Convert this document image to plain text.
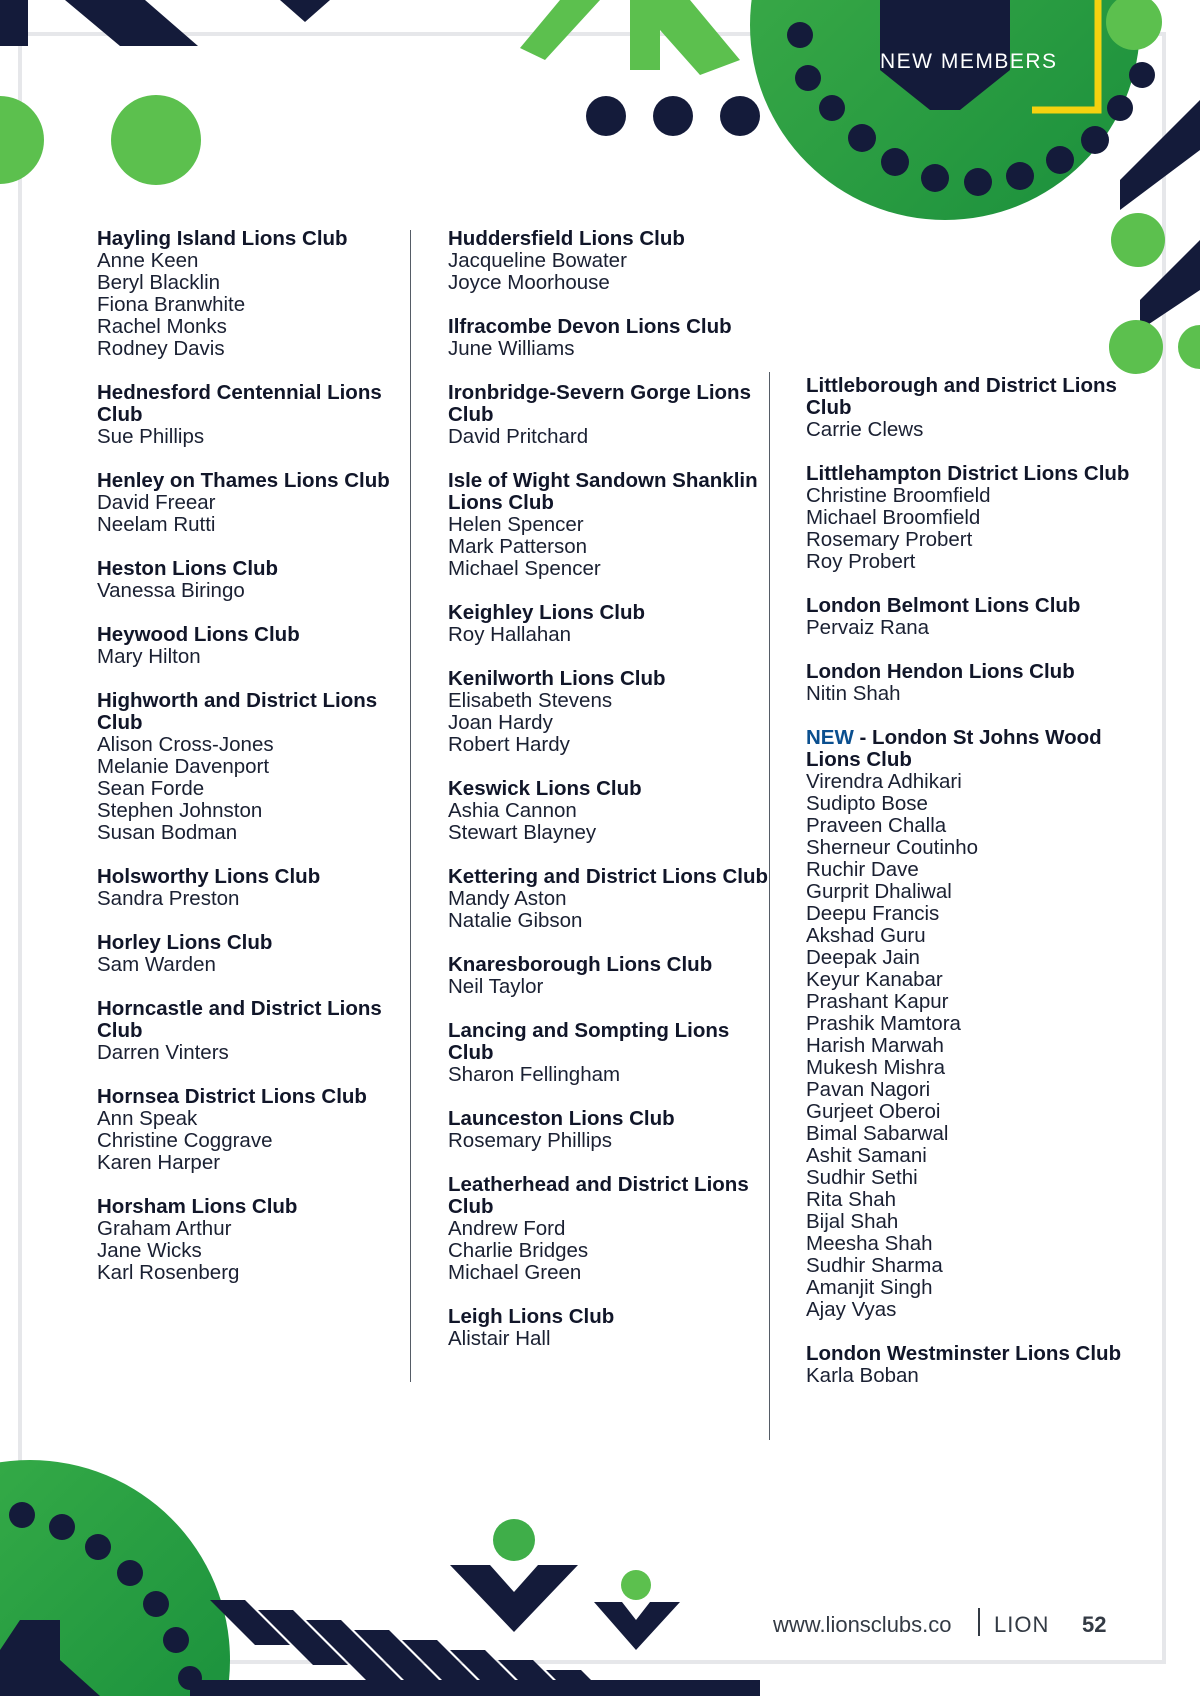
NEW MEMBERS
Hayling Island Lions Club
Anne Keen
Beryl Blacklin
Fiona Branwhite
Rachel Monks
Rodney Davis
Hednesford Centennial Lions Club
Sue Phillips
Henley on Thames Lions Club
David Freear
Neelam Rutti
Heston Lions Club
Vanessa Biringo
Heywood Lions Club
Mary Hilton
Highworth and District Lions Club
Alison Cross-Jones
Melanie Davenport
Sean Forde
Stephen Johnston
Susan Bodman
Holsworthy Lions Club
Sandra Preston
Horley Lions Club
Sam Warden
Horncastle and District Lions Club
Darren Vinters
Hornsea District Lions Club
Ann Speak
Christine Coggrave
Karen Harper
Horsham Lions Club
Graham Arthur
Jane Wicks
Karl Rosenberg
Huddersfield Lions Club
Jacqueline Bowater
Joyce Moorhouse
Ilfracombe Devon Lions Club
June Williams
Ironbridge-Severn Gorge Lions Club
David Pritchard
Isle of Wight Sandown Shanklin Lions Club
Helen Spencer
Mark Patterson
Michael Spencer
Keighley Lions Club
Roy Hallahan
Kenilworth Lions Club
Elisabeth Stevens
Joan Hardy
Robert Hardy
Keswick Lions Club
Ashia Cannon
Stewart Blayney
Kettering and District Lions Club
Mandy Aston
Natalie Gibson
Knaresborough Lions Club
Neil Taylor
Lancing and Sompting Lions Club
Sharon Fellingham
Launceston Lions Club
Rosemary Phillips
Leatherhead and District Lions Club
Andrew Ford
Charlie Bridges
Michael Green
Leigh Lions Club
Alistair Hall
Littleborough and District Lions Club
Carrie Clews
Littlehampton District Lions Club
Christine Broomfield
Michael Broomfield
Rosemary Probert
Roy Probert
London Belmont Lions Club
Pervaiz Rana
London Hendon Lions Club
Nitin Shah
NEW - London St Johns Wood Lions Club
Virendra Adhikari
Sudipto Bose
Praveen Challa
Sherneur Coutinho
Ruchir Dave
Gurprit Dhaliwal
Deepu Francis
Akshad Guru
Deepak Jain
Keyur Kanabar
Prashant Kapur
Prashik Mamtora
Harish Marwah
Mukesh Mishra
Pavan Nagori
Gurjeet Oberoi
Bimal Sabarwal
Ashit Samani
Sudhir Sethi
Rita Shah
Bijal Shah
Meesha Shah
Sudhir Sharma
Amanjit Singh
Ajay Vyas
London Westminster Lions Club
Karla Boban
www.lionsclubs.co LION 52
